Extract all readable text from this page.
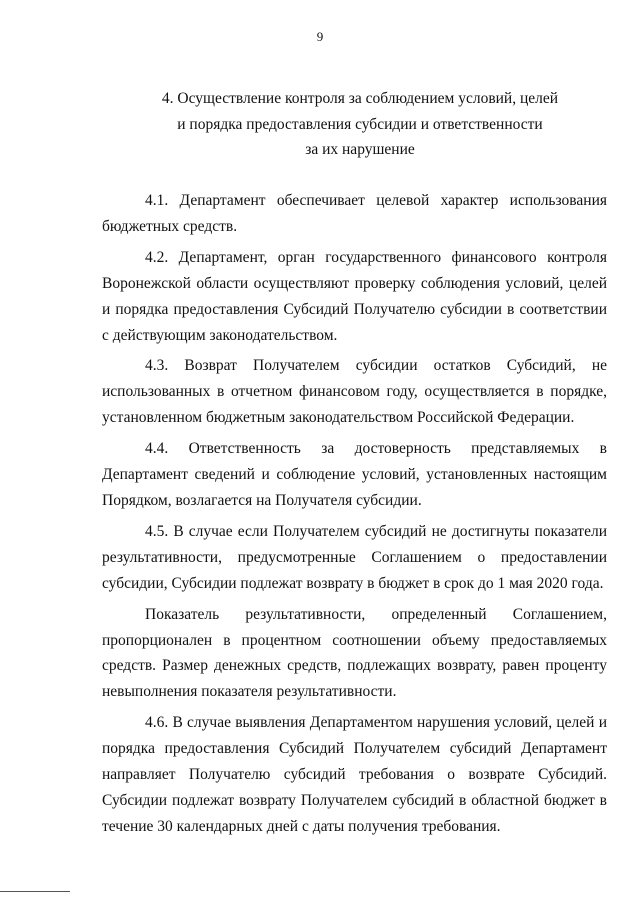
9
4. Осуществление контроля за соблюдением условий, целей
и порядка предоставления субсидии и ответственности
за их нарушение

4.1. Департамент обеспечивает целевой характер использования бюджетных средств.

4.2. Департамент, орган государственного финансового контроля Воронежской области осуществляют проверку соблюдения условий, целей и порядка предоставления Субсидий Получателю субсидии в соответствии с действующим законодательством.

4.3. Возврат Получателем субсидии остатков Субсидий, не использованных в отчетном финансовом году, осуществляется в порядке, установленном бюджетным законодательством Российской Федерации.

4.4. Ответственность за достоверность представляемых в Департамент сведений и соблюдение условий, установленных настоящим Порядком, возлагается на Получателя субсидии.

4.5. В случае если Получателем субсидий не достигнуты показатели результативности, предусмотренные Соглашением о предоставлении субсидии, Субсидии подлежат возврату в бюджет в срок до 1 мая 2020 года.

Показатель результативности, определенный Соглашением, пропорционален в процентном соотношении объему предоставляемых средств. Размер денежных средств, подлежащих возврату, равен проценту невыполнения показателя результативности.

4.6. В случае выявления Департаментом нарушения условий, целей и порядка предоставления Субсидий Получателем субсидий Департамент направляет Получателю субсидий требования о возврате Субсидий. Субсидии подлежат возврату Получателем субсидий в областной бюджет в течение 30 календарных дней с даты получения требования.
